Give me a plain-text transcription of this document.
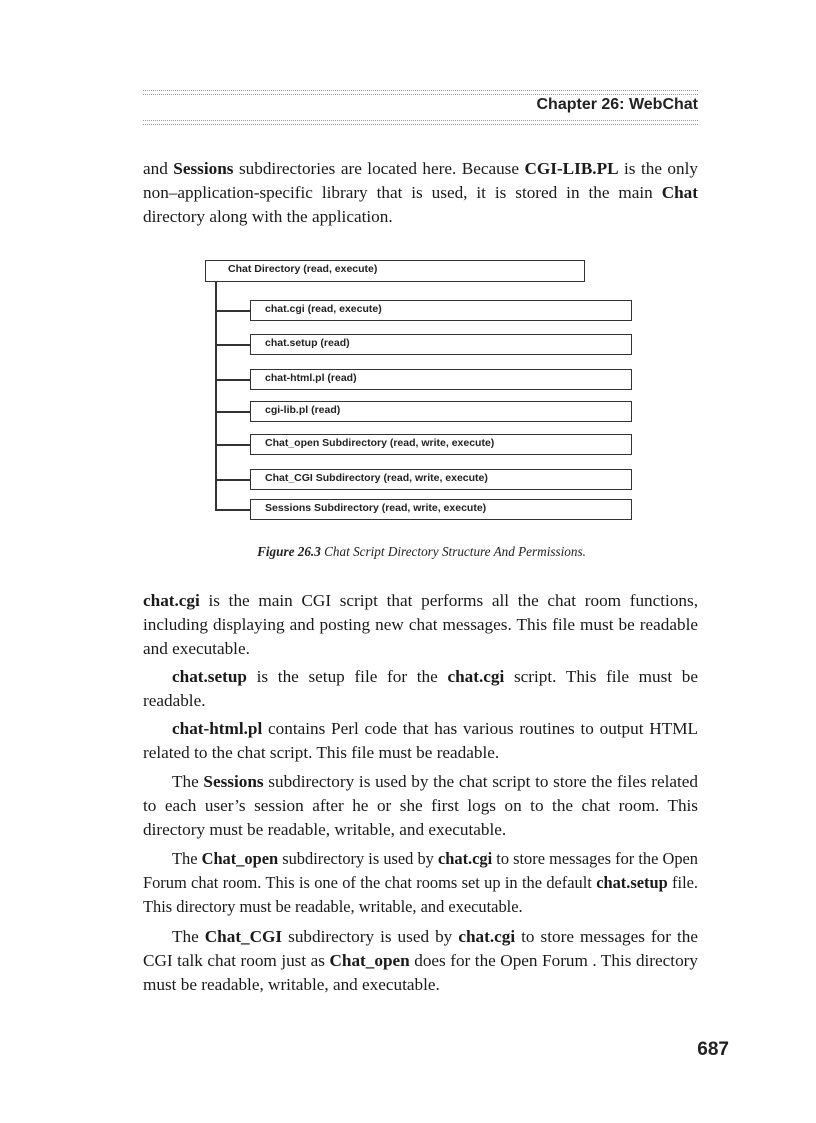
Chapter 26: WebChat

and Sessions subdirectories are located here. Because CGI-LIB.PL is the only non–application-specific library that is used, it is stored in the main Chat directory along with the application.

Chat Directory (read, execute)
chat.cgi (read, execute)
chat.setup (read)
chat-html.pl (read)
cgi-lib.pl (read)
Chat_open Subdirectory (read, write, execute)
Chat_CGI Subdirectory (read, write, execute)
Sessions Subdirectory (read, write, execute)
Figure 26.3 Chat Script Directory Structure And Permissions.

chat.cgi is the main CGI script that performs all the chat room functions, including displaying and posting new chat messages. This file must be readable and executable.

chat.setup is the setup file for the chat.cgi script. This file must be readable.

chat-html.pl contains Perl code that has various routines to output HTML related to the chat script. This file must be readable.

The Sessions subdirectory is used by the chat script to store the files related to each user’s session after he or she first logs on to the chat room. This directory must be readable, writable, and executable.

The Chat_open subdirectory is used by chat.cgi to store messages for the Open Forum chat room. This is one of the chat rooms set up in the default chat.setup file. This directory must be readable, writable, and executable.

The Chat_CGI subdirectory is used by chat.cgi to store messages for the CGI talk chat room just as Chat_open does for the Open Forum . This directory must be readable, writable, and executable.

687
